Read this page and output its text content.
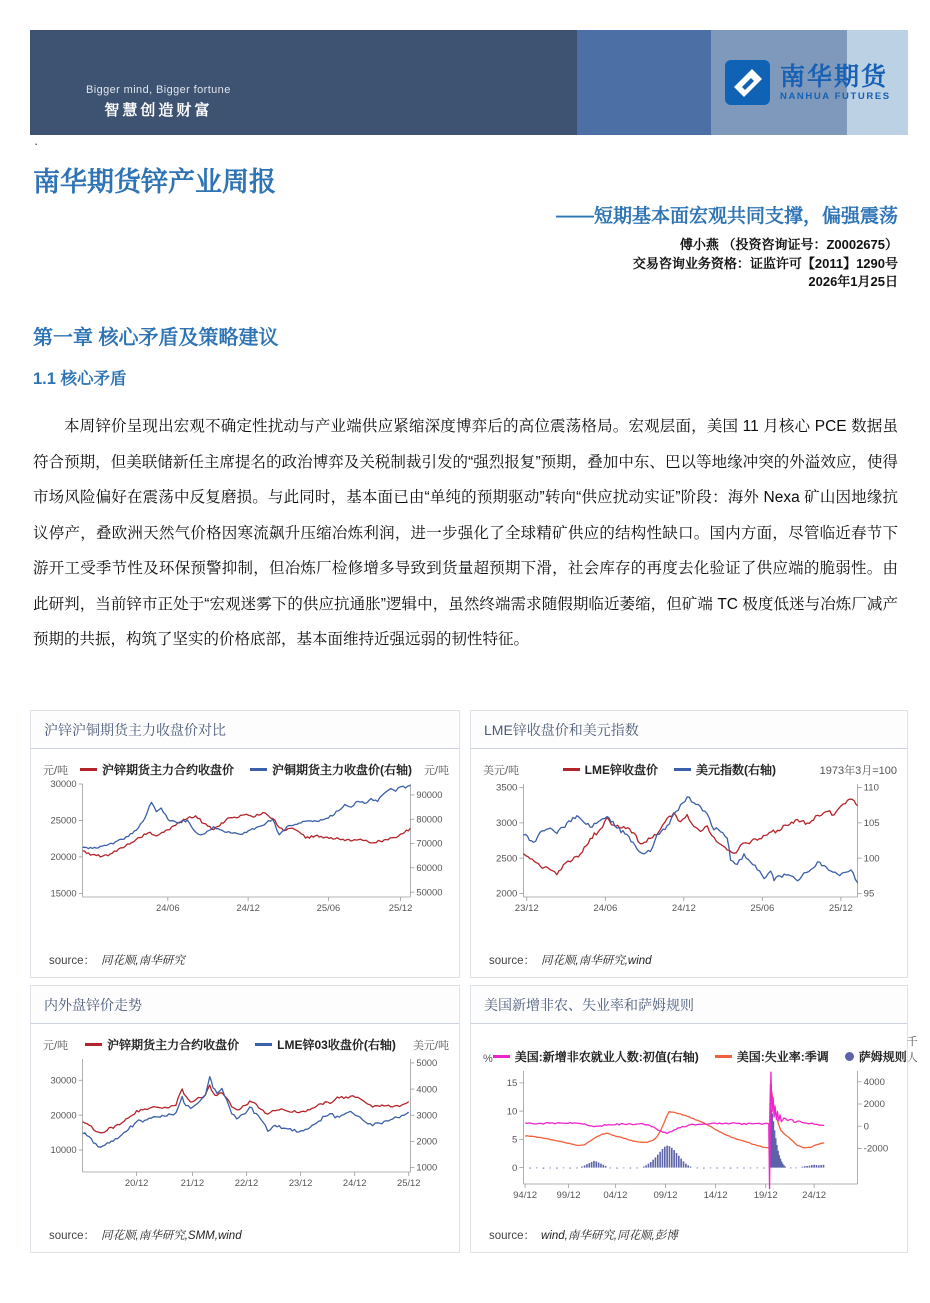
Bigger mind, Bigger fortune
智慧创造财富
南华期货
NANHUA FUTURES
·
南华期货锌产业周报
——短期基本面宏观共同支撑，偏强震荡
傅小燕 （投资咨询证号：Z0002675）
交易咨询业务资格：证监许可【2011】1290号
2026年1月25日
第一章 核心矛盾及策略建议
1.1 核心矛盾

本周锌价呈现出宏观不确定性扰动与产业端供应紧缩深度博弈后的高位震荡格局。宏观层面，美国 11 月核心 PCE 数据虽符合预期，但美联储新任主席提名的政治博弈及关税制裁引发的“强烈报复”预期，叠加中东、巴以等地缘冲突的外溢效应，使得市场风险偏好在震荡中反复磨损。与此同时，基本面已由“单纯的预期驱动”转向“供应扰动实证”阶段：海外 Nexa 矿山因地缘抗议停产，叠欧洲天然气价格因寒流飙升压缩冶炼利润，进一步强化了全球精矿供应的结构性缺口。国内方面，尽管临近春节下游开工受季节性及环保预警抑制，但冶炼厂检修增多导致到货量超预期下滑，社会库存的再度去化验证了供应端的脆弱性。由此研判，当前锌市正处于“宏观迷雾下的供应抗通胀”逻辑中，虽然终端需求随假期临近萎缩，但矿端 TC 极度低迷与冶炼厂减产预期的共振，构筑了坚实的价格底部，基本面维持近强远弱的韧性特征。

沪锌沪铜期货主力收盘价对比
元/吨	沪锌期货主力合约收盘价	沪铜期货主力收盘价(右轴) 元/吨
30000
25000
20000
15000
90000
80000
70000
60000
50000
24/06	24/12	25/06	25/12
source： 同花顺,南华研究
LME锌收盘价和美元指数
美元/吨	LME锌收盘价	美元指数(右轴)	1973年3月=100
3500
3000
2500
2000
110
105
100
95
23/12	24/06	24/12	25/06	25/12
source： 同花顺,南华研究,wind
内外盘锌价走势
元/吨	沪锌期货主力合约收盘价	LME锌03收盘价(右轴) 美元/吨
30000
20000
10000
5000
4000
3000
2000
1000
20/12	21/12	22/12	23/12	24/12	25/12
source： 同花顺,南华研究,SMM,wind
美国新增非农、失业率和萨姆规则
% 美国:新增非农就业人数:初值(右轴)	美国:失业率:季调	萨姆规则
千人
15
10
5
0
4000
2000
0
-2000
94/12 99/12 04/12	09/12	14/12	19/12	24/12
source： wind,南华研究,同花顺,彭博
